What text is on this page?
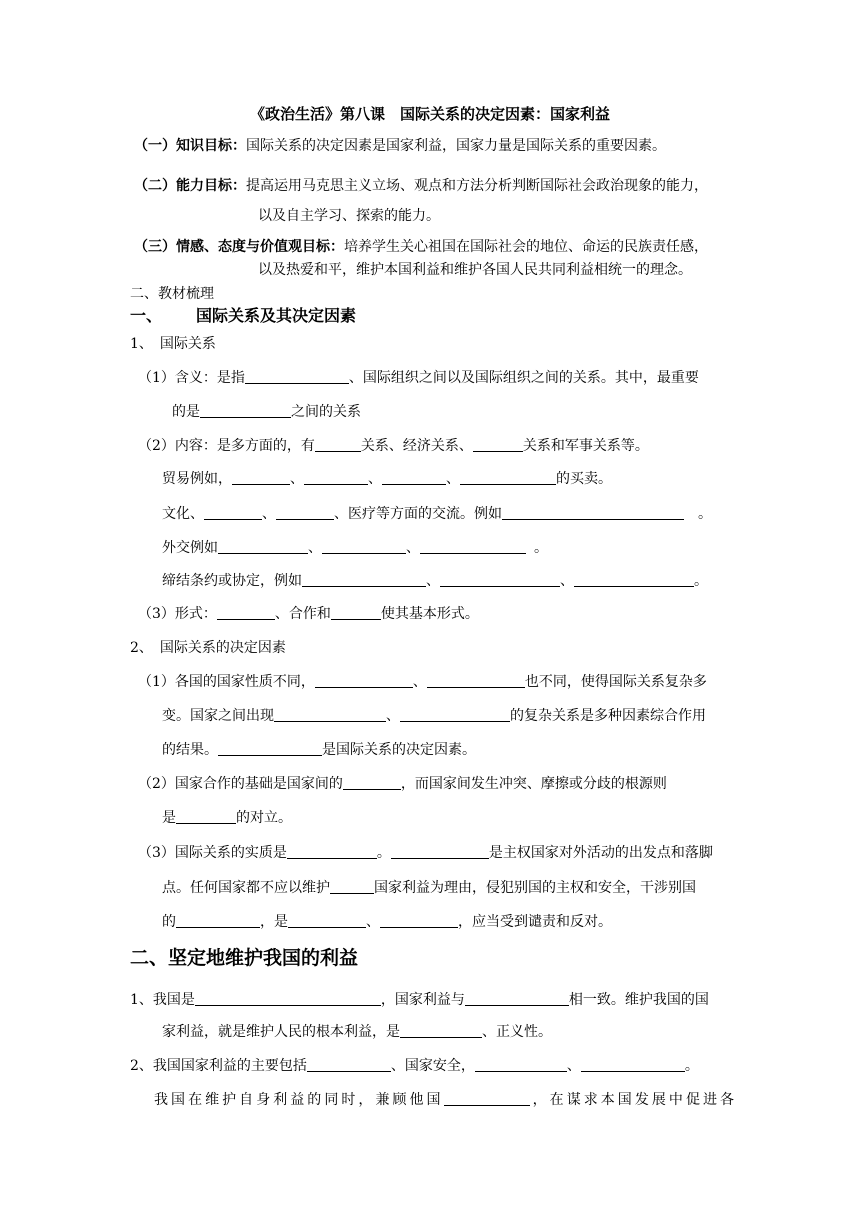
《政治生活》第八课　国际关系的决定因素：国家利益
（一）知识目标：国际关系的决定因素是国家利益，国家力量是国际关系的重要因素。
（二）能力目标：提高运用马克思主义立场、观点和方法分析判断国际社会政治现象的能力，
以及自主学习、探索的能力。
（三）情感、态度与价值观目标：培养学生关心祖国在国际社会的地位、命运的民族责任感，
以及热爱和平，维护本国利益和维护各国人民共同利益相统一的理念。
二、教材梳理
一、 国际关系及其决定因素
1、　国际关系
（1）含义：是指	、国际组织之间以及国际组织之间的关系。其中，最重要
的是	之间的关系
（2）内容：是多方面的，有	关系、经济关系、	关系和军事关系等。
贸易例如，	、	、	、	的买卖。
文化、	、	、医疗等方面的交流。例如	。
外交例如	、	、	。
缔结条约或协定，例如	、	、	。
（3）形式：	、合作和	使其基本形式。
2、　国际关系的决定因素
（1）各国的国家性质不同，	、	也不同，使得国际关系复杂多
变。国家之间出现	、	的复杂关系是多种因素综合作用
的结果。	是国际关系的决定因素。
（2）国家合作的基础是国家间的	，而国家间发生冲突、摩擦或分歧的根源则
是	的对立。
（3）国际关系的实质是	。	是主权国家对外活动的出发点和落脚
点。任何国家都不应以维护	国家利益为理由，侵犯别国的主权和安全，干涉别国
的	，是	、	，应当受到谴责和反对。
二、坚定地维护我国的利益
1、我国是	，国家利益与	相一致。维护我国的国
家利益，就是维护人民的根本利益，是	、正义性。
2、我国国家利益的主要包括	、国家安全，	、	。
我国在维护自身利益的同时，兼顾他国	，在谋求本国发展中促进各
